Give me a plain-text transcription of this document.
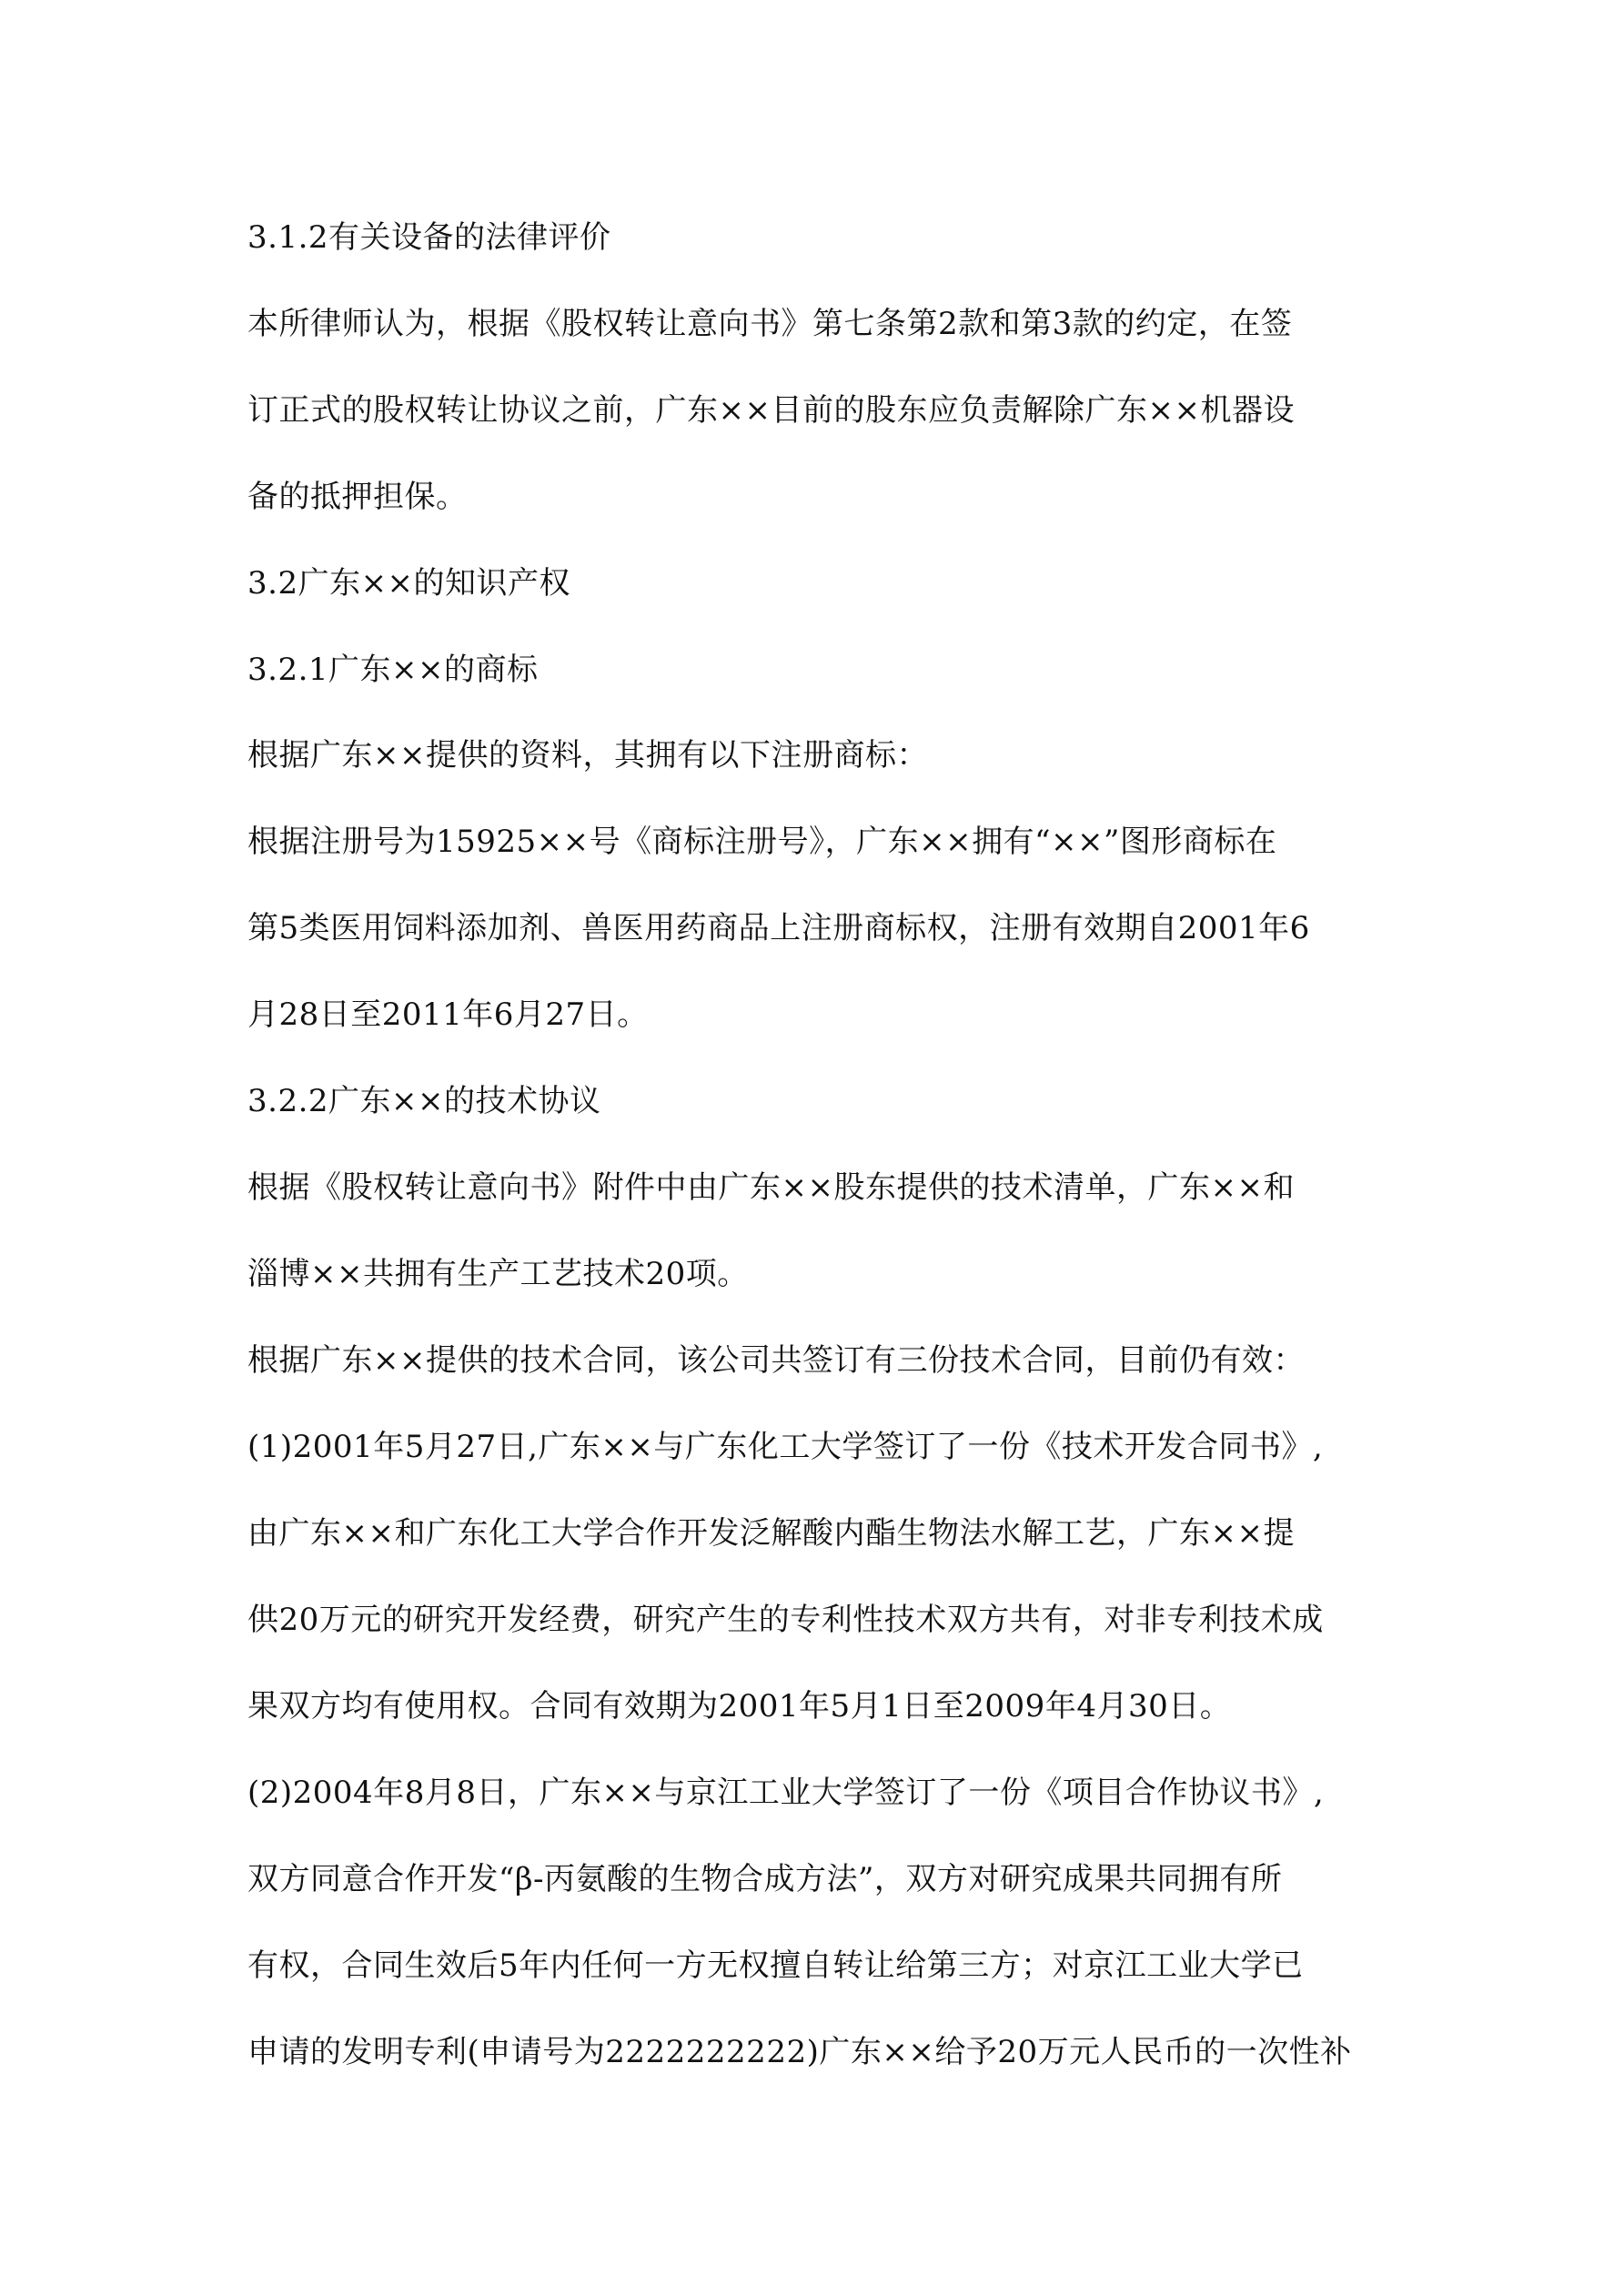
3.1.2有关设备的法律评价
本所律师认为，根据《股权转让意向书》第七条第2款和第3款的约定，在签
订正式的股权转让协议之前，广东××目前的股东应负责解除广东××机器设
备的抵押担保。
3.2广东××的知识产权
3.2.1广东××的商标
根据广东××提供的资料，其拥有以下注册商标：
根据注册号为15925××号《商标注册号》，广东××拥有“××”图形商标在
第5类医用饲料添加剂、兽医用药商品上注册商标权，注册有效期自2001年6
月28日至2011年6月27日。
3.2.2广东××的技术协议
根据《股权转让意向书》附件中由广东××股东提供的技术清单，广东××和
淄博××共拥有生产工艺技术20项。
根据广东××提供的技术合同，该公司共签订有三份技术合同，目前仍有效：
(1)2001年5月27日,广东××与广东化工大学签订了一份《技术开发合同书》,
由广东××和广东化工大学合作开发泛解酸内酯生物法水解工艺，广东××提
供20万元的研究开发经费，研究产生的专利性技术双方共有，对非专利技术成
果双方均有使用权。合同有效期为2001年5月1日至2009年4月30日。
(2)2004年8月8日，广东××与京江工业大学签订了一份《项目合作协议书》,
双方同意合作开发“β-丙氨酸的生物合成方法”，双方对研究成果共同拥有所
有权，合同生效后5年内任何一方无权擅自转让给第三方；对京江工业大学已
申请的发明专利(申请号为2222222222)广东××给予20万元人民币的一次性补
